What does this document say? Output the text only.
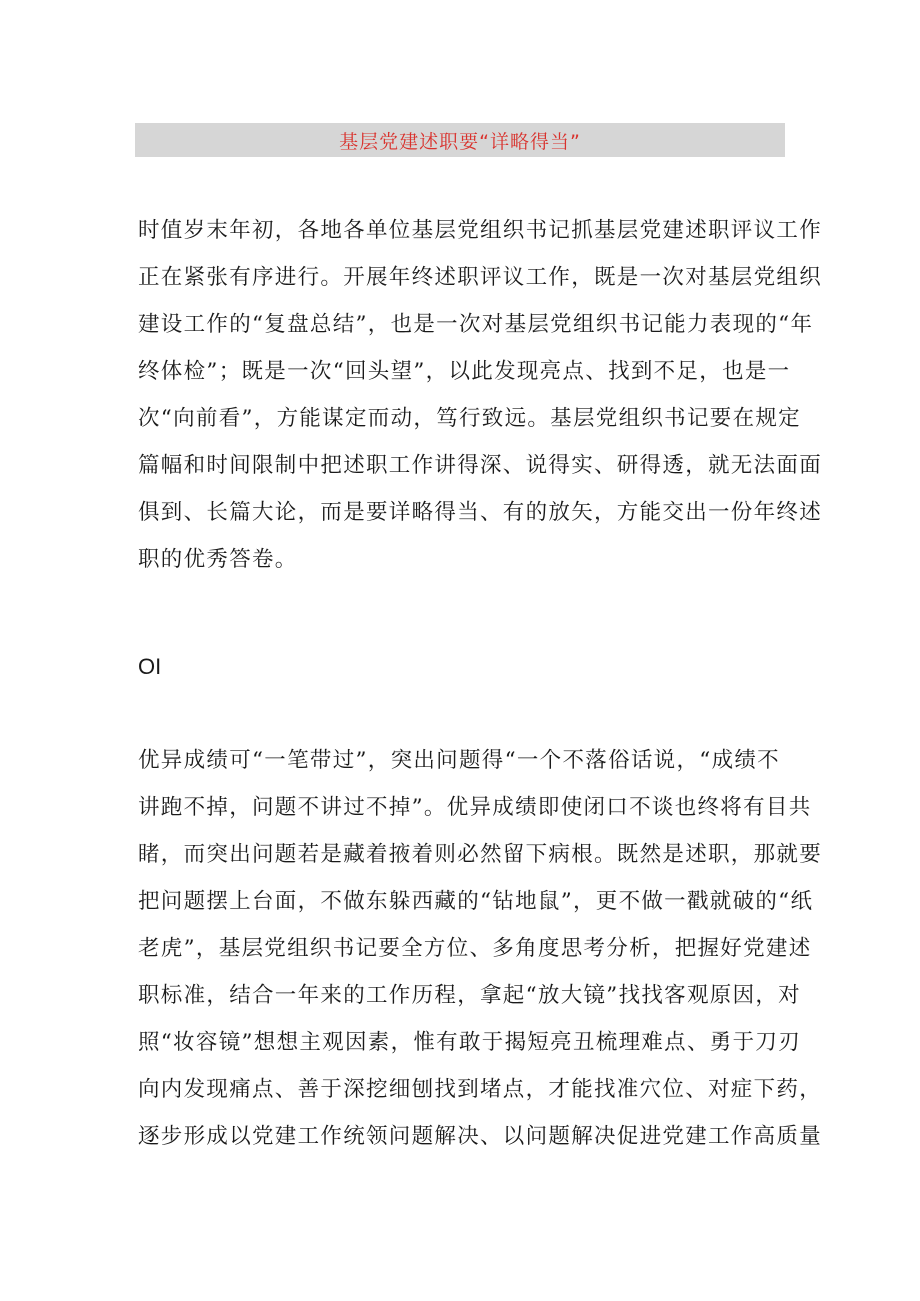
基层党建述职要“详略得当”
时值岁末年初，各地各单位基层党组织书记抓基层党建述职评议工作
正在紧张有序进行。开展年终述职评议工作，既是一次对基层党组织
建设工作的“复盘总结”，也是一次对基层党组织书记能力表现的“年
终体检”；既是一次“回头望”，以此发现亮点、找到不足，也是一
次“向前看”，方能谋定而动，笃行致远。基层党组织书记要在规定
篇幅和时间限制中把述职工作讲得深、说得实、研得透，就无法面面
俱到、长篇大论，而是要详略得当、有的放矢，方能交出一份年终述
职的优秀答卷。
OI
优异成绩可“一笔带过”，突出问题得“一个不落俗话说，“成绩不
讲跑不掉，问题不讲过不掉”。优异成绩即使闭口不谈也终将有目共
睹，而突出问题若是藏着掖着则必然留下病根。既然是述职，那就要
把问题摆上台面，不做东躲西藏的“钻地鼠”，更不做一戳就破的“纸
老虎”，基层党组织书记要全方位、多角度思考分析，把握好党建述
职标准，结合一年来的工作历程，拿起“放大镜”找找客观原因，对
照“妆容镜”想想主观因素，惟有敢于揭短亮丑梳理难点、勇于刀刃
向内发现痛点、善于深挖细刨找到堵点，才能找准穴位、对症下药，
逐步形成以党建工作统领问题解决、以问题解决促进党建工作高质量
